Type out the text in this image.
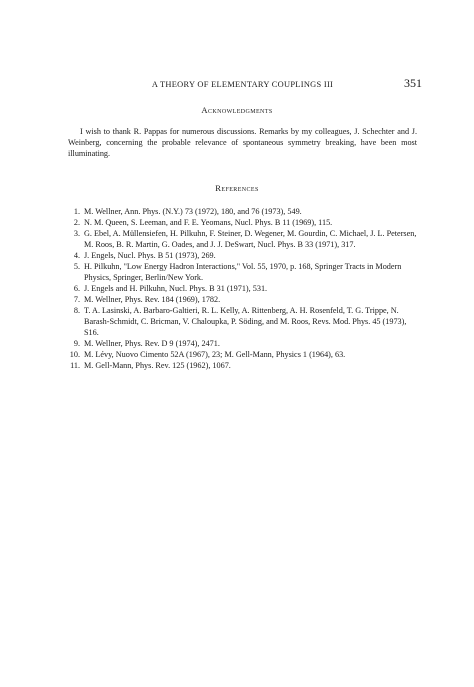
A THEORY OF ELEMENTARY COUPLINGS III	351
Acknowledgments

I wish to thank R. Pappas for numerous discussions. Remarks by my colleagues, J. Schechter and J. Weinberg, concerning the probable relevance of spontaneous symmetry breaking, have been most illuminating.

References
1. M. Wellner, Ann. Phys. (N.Y.) 73 (1972), 180, and 76 (1973), 549.
2. N. M. Queen, S. Leeman, and F. E. Yeomans, Nucl. Phys. B 11 (1969), 115.
3. G. Ebel, A. Müllensiefen, H. Pilkuhn, F. Steiner, D. Wegener, M. Gourdin, C. Michael, J. L. Petersen, M. Roos, B. R. Martin, G. Oades, and J. J. DeSwart, Nucl. Phys. B 33 (1971), 317.
4. J. Engels, Nucl. Phys. B 51 (1973), 269.
5. H. Pilkuhn, "Low Energy Hadron Interactions," Vol. 55, 1970, p. 168, Springer Tracts in Modern Physics, Springer, Berlin/New York.
6. J. Engels and H. Pilkuhn, Nucl. Phys. B 31 (1971), 531.
7. M. Wellner, Phys. Rev. 184 (1969), 1782.
8. T. A. Lasinski, A. Barbaro-Galtieri, R. L. Kelly, A. Rittenberg, A. H. Rosenfeld, T. G. Trippe, N. Barash-Schmidt, C. Bricman, V. Chaloupka, P. Söding, and M. Roos, Revs. Mod. Phys. 45 (1973), S16.
9. M. Wellner, Phys. Rev. D 9 (1974), 2471.
10. M. Lévy, Nuovo Cimento 52A (1967), 23; M. Gell-Mann, Physics 1 (1964), 63.
11. M. Gell-Mann, Phys. Rev. 125 (1962), 1067.
